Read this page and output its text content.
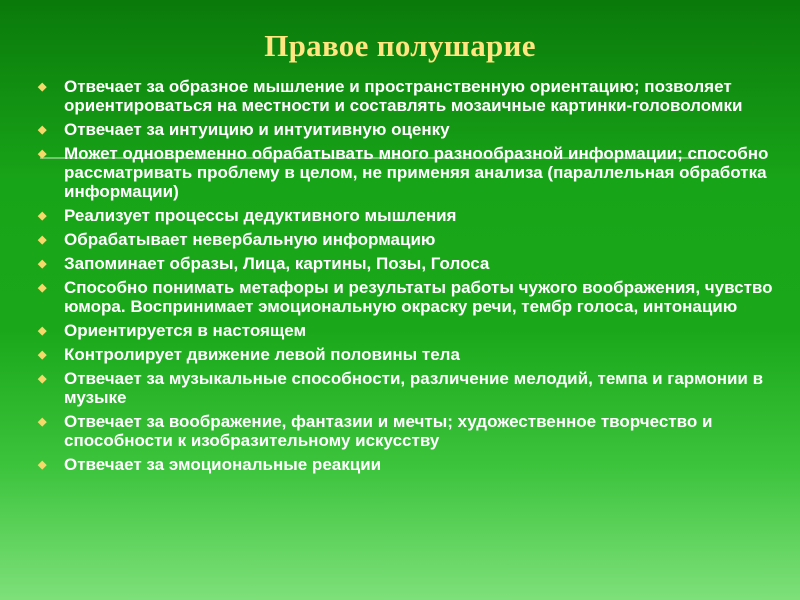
Правое полушарие
◆ Отвечает за образное мышление и пространственную ориентацию; позволяет ориентироваться на местности и составлять мозаичные картинки-головоломки
◆ Отвечает за интуицию и интуитивную оценку
◆ Может одновременно обрабатывать много разнообразной информации; способно рассматривать проблему в целом, не применяя анализа (параллельная обработка информации)
◆ Реализует процессы дедуктивного мышления
◆ Обрабатывает невербальную информацию
◆ Запоминает образы, Лица, картины, Позы, Голоса
◆ Способно понимать метафоры и результаты работы чужого воображения, чувство юмора. Воспринимает эмоциональную окраску речи, тембр голоса, интонацию
◆ Ориентируется в настоящем
◆ Контролирует движение левой половины тела
◆ Отвечает за музыкальные способности, различение мелодий, темпа и гармонии в музыке
◆ Отвечает за воображение, фантазии и мечты; художественное творчество и способности к изобразительному искусству
◆ Отвечает за эмоциональные реакции
